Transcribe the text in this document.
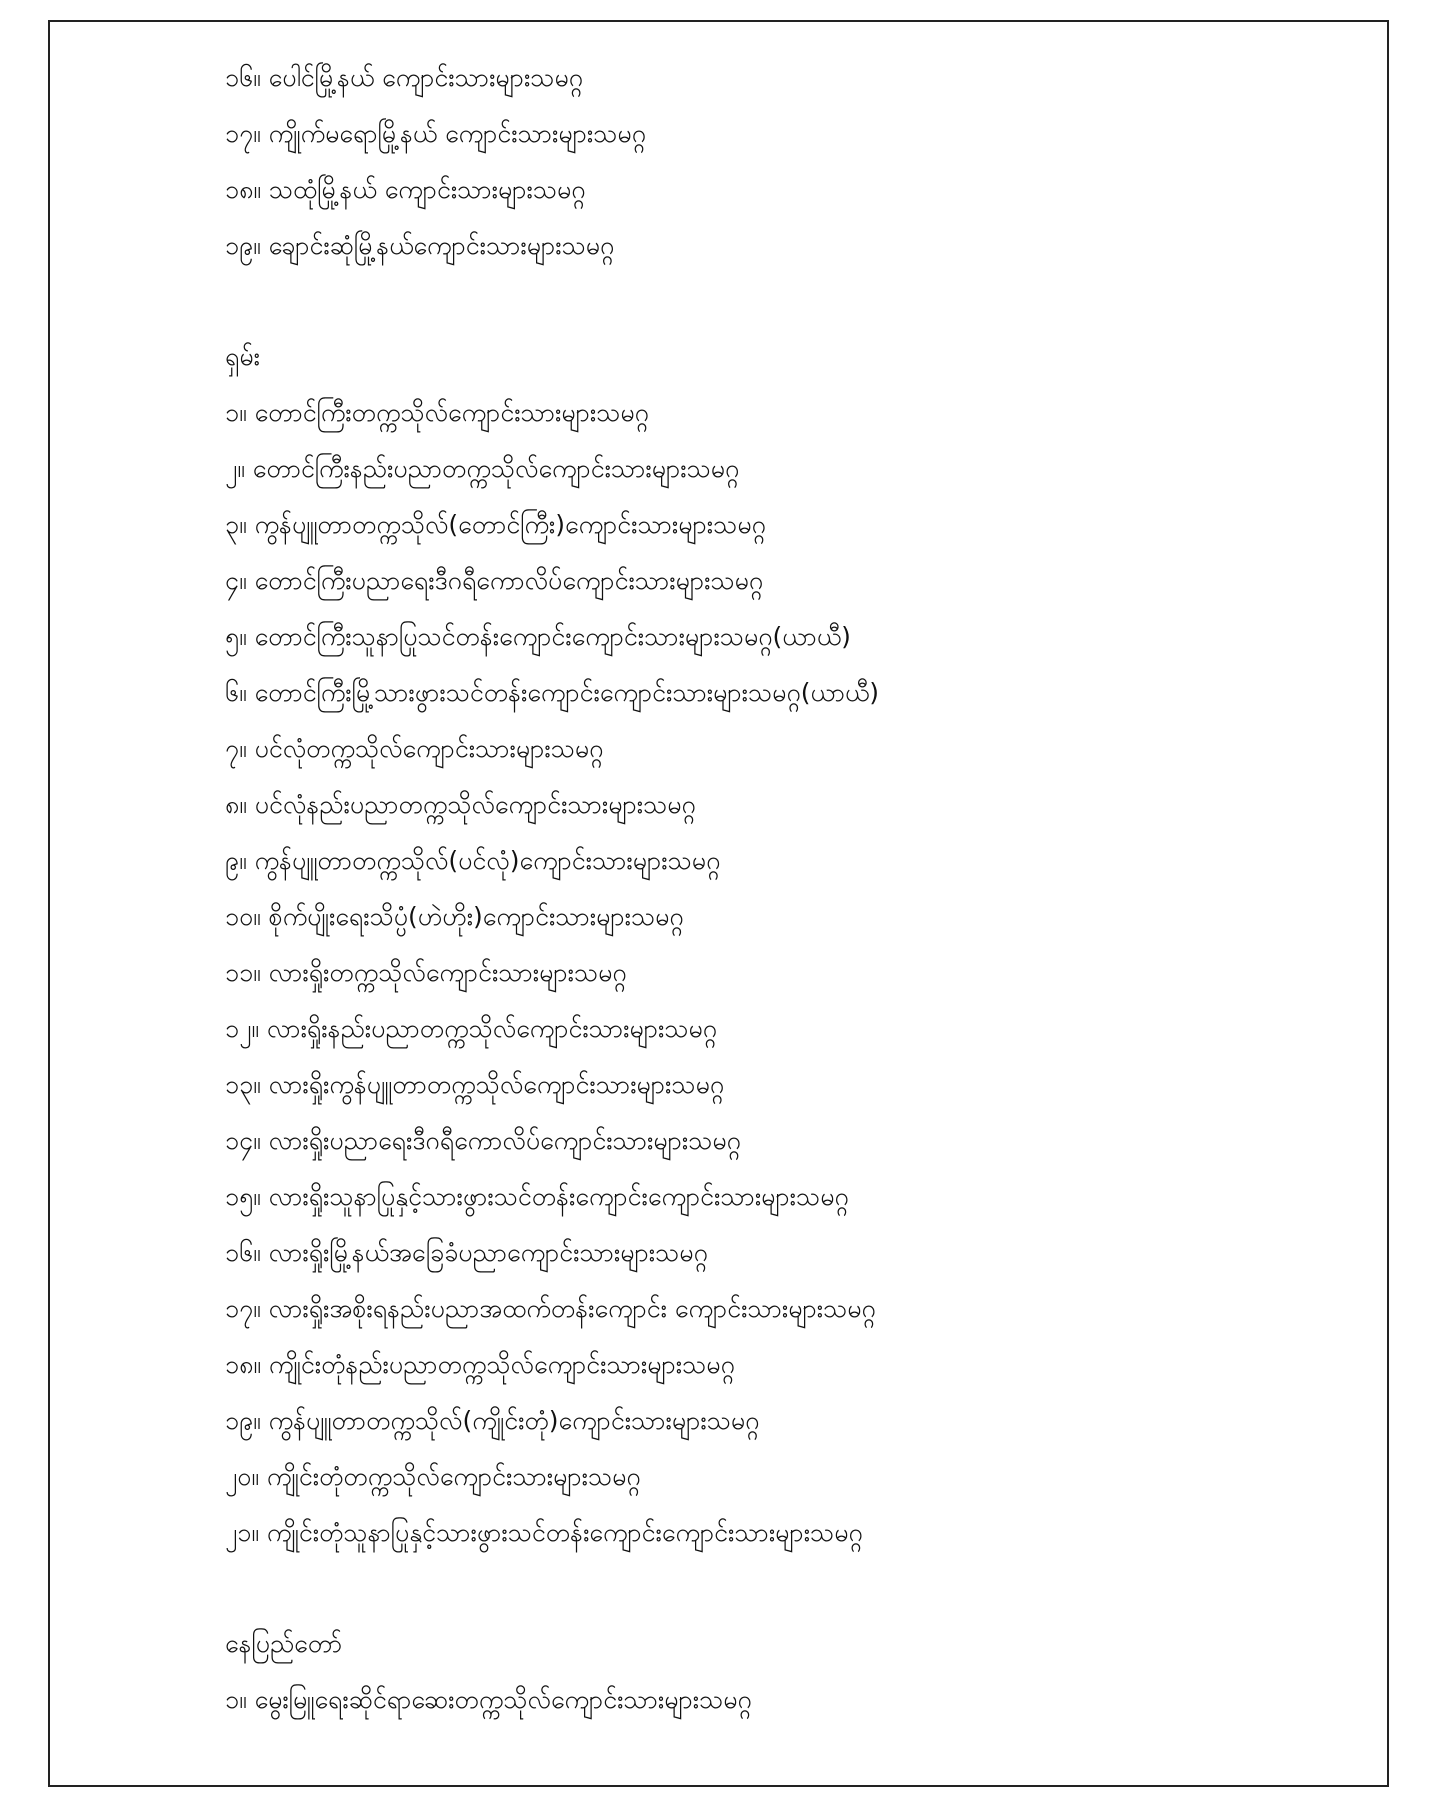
၁၆။ ပေါင်မြို့နယ် ကျောင်းသားများသမဂ္ဂ
၁၇။ ကျိုက်မရောမြို့နယ် ကျောင်းသားများသမဂ္ဂ
၁၈။ သထုံမြို့နယ် ကျောင်းသားများသမဂ္ဂ
၁၉။ ချောင်းဆုံမြို့နယ်ကျောင်းသားများသမဂ္ဂ
ရှမ်း
၁။ တောင်ကြီးတက္ကသိုလ်ကျောင်းသားများသမဂ္ဂ
၂။ တောင်ကြီးနည်းပညာတက္ကသိုလ်ကျောင်းသားများသမဂ္ဂ
၃။ ကွန်ပျူတာတက္ကသိုလ်(တောင်ကြီး)ကျောင်းသားများသမဂ္ဂ
၄။ တောင်ကြီးပညာရေးဒီဂရီကောလိပ်ကျောင်းသားများသမဂ္ဂ
၅။ တောင်ကြီးသူနာပြုသင်တန်းကျောင်းကျောင်းသားများသမဂ္ဂ(ယာယီ)
၆။ တောင်ကြီးမြို့သားဖွားသင်တန်းကျောင်းကျောင်းသားများသမဂ္ဂ(ယာယီ)
၇။ ပင်လုံတက္ကသိုလ်ကျောင်းသားများသမဂ္ဂ
၈။ ပင်လုံနည်းပညာတက္ကသိုလ်ကျောင်းသားများသမဂ္ဂ
၉။ ကွန်ပျူတာတက္ကသိုလ်(ပင်လုံ)ကျောင်းသားများသမဂ္ဂ
၁၀။ စိုက်ပျိုးရေးသိပ္ပံ(ဟဲဟိုး)ကျောင်းသားများသမဂ္ဂ
၁၁။ လားရှိုးတက္ကသိုလ်ကျောင်းသားများသမဂ္ဂ
၁၂။ လားရှိုးနည်းပညာတက္ကသိုလ်ကျောင်းသားများသမဂ္ဂ
၁၃။ လားရှိုးကွန်ပျူတာတက္ကသိုလ်ကျောင်းသားများသမဂ္ဂ
၁၄။ လားရှိုးပညာရေးဒီဂရီကောလိပ်ကျောင်းသားများသမဂ္ဂ
၁၅။ လားရှိုးသူနာပြုနှင့်သားဖွားသင်တန်းကျောင်းကျောင်းသားများသမဂ္ဂ
၁၆။ လားရှိုးမြို့နယ်အခြေခံပညာကျောင်းသားများသမဂ္ဂ
၁၇။ လားရှိုးအစိုးရနည်းပညာအထက်တန်းကျောင်း ကျောင်းသားများသမဂ္ဂ
၁၈။ ကျိုင်းတုံနည်းပညာတက္ကသိုလ်ကျောင်းသားများသမဂ္ဂ
၁၉။ ကွန်ပျူတာတက္ကသိုလ်(ကျိုင်းတုံ)ကျောင်းသားများသမဂ္ဂ
၂၀။ ကျိုင်းတုံတက္ကသိုလ်ကျောင်းသားများသမဂ္ဂ
၂၁။ ကျိုင်းတုံသူနာပြုနှင့်သားဖွားသင်တန်းကျောင်းကျောင်းသားများသမဂ္ဂ
နေပြည်တော်
၁။ မွေးမြူရေးဆိုင်ရာဆေးတက္ကသိုလ်ကျောင်းသားများသမဂ္ဂ
